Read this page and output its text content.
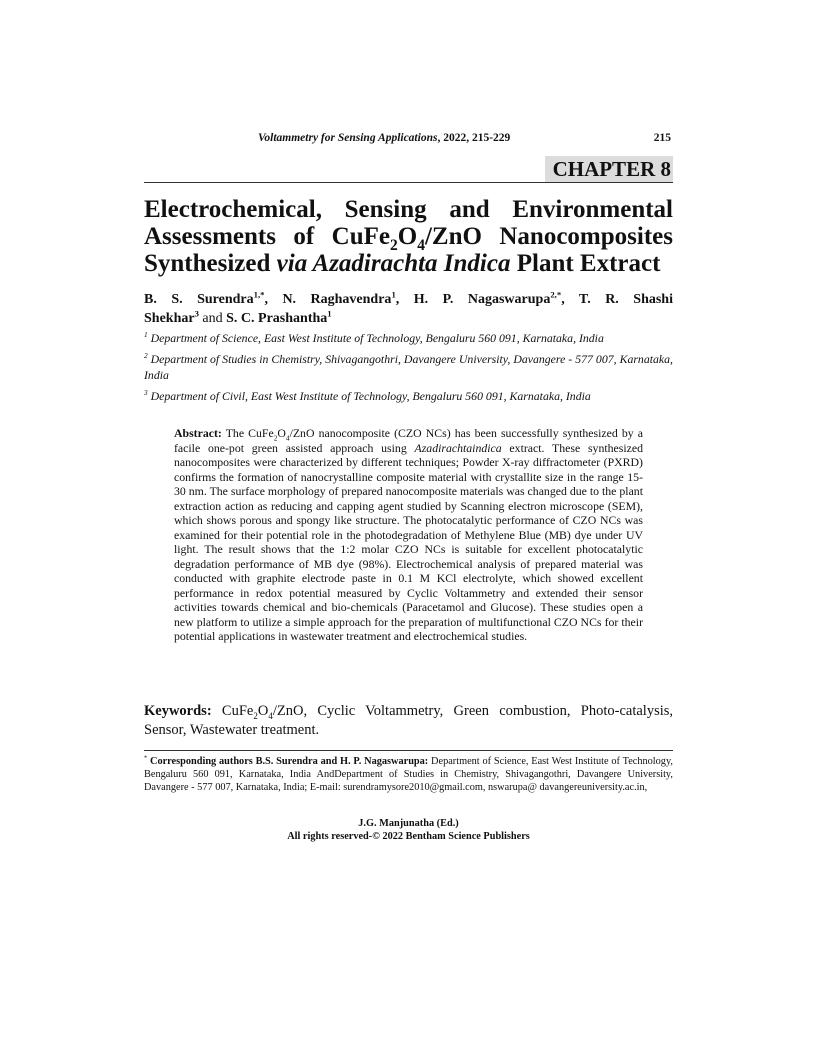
Voltammetry for Sensing Applications, 2022, 215-229	215
CHAPTER 8
Electrochemical, Sensing and Environmental
Assessments of $CuFe_2O_4$/ZnO Nanocomposites
Synthesized via Azadirachta Indica Plant Extract
B. S. Surendra$^{1,*}$, N. Raghavendra$^1$, H. P. Nagaswarupa$^{2,*}$, T. R. Shashi
Shekhar$^3$ and S. C. Prashantha$^1$

$^1$ Department of Science, East West Institute of Technology, Bengaluru 560 091, Karnataka, India

$^2$ Department of Studies in Chemistry, Shivagangothri, Davangere University, Davangere - 577 007, Karnataka, India

$^3$ Department of Civil, East West Institute of Technology, Bengaluru 560 091, Karnataka, India

Abstract: The $CuFe_2O_4$/ZnO nanocomposite (CZO NCs) has been successfully synthesized by a facile one-pot green assisted approach using Azadirachtaindica extract. These synthesized nanocomposites were characterized by different techniques; Powder X-ray diffractometer (PXRD) confirms the formation of nanocrystalline composite material with crystallite size in the range 15-30 nm. The surface morphology of prepared nanocomposite materials was changed due to the plant extraction action as reducing and capping agent studied by Scanning electron microscope (SEM), which shows porous and spongy like structure. The photocatalytic performance of CZO NCs was examined for their potential role in the photodegradation of Methylene Blue (MB) dye under UV light. The result shows that the 1:2 molar CZO NCs is suitable for excellent photocatalytic degradation performance of MB dye (98%). Electrochemical analysis of prepared material was conducted with graphite electrode paste in 0.1 M KCl electrolyte, which showed excellent performance in redox potential measured by Cyclic Voltammetry and extended their sensor activities towards chemical and bio-chemicals (Paracetamol and Glucose). These studies open a new platform to utilize a simple approach for the preparation of multifunctional CZO NCs for their potential applications in wastewater treatment and electrochemical studies.
Keywords: $CuFe_2O_4$/ZnO, Cyclic Voltammetry, Green combustion, Photo-catalysis, Sensor, Wastewater treatment.
* Corresponding authors B.S. Surendra and H. P. Nagaswarupa: Department of Science, East West Institute of Technology, Bengaluru 560 091, Karnataka, India AndDepartment of Studies in Chemistry, Shivagangothri, Davangere University, Davangere - 577 007, Karnataka, India; E-mail: surendramysore2010@gmail.com, nswarupa@ davangereuniversity.ac.in,
J.G. Manjunatha (Ed.)
All rights reserved-© 2022 Bentham Science Publishers
